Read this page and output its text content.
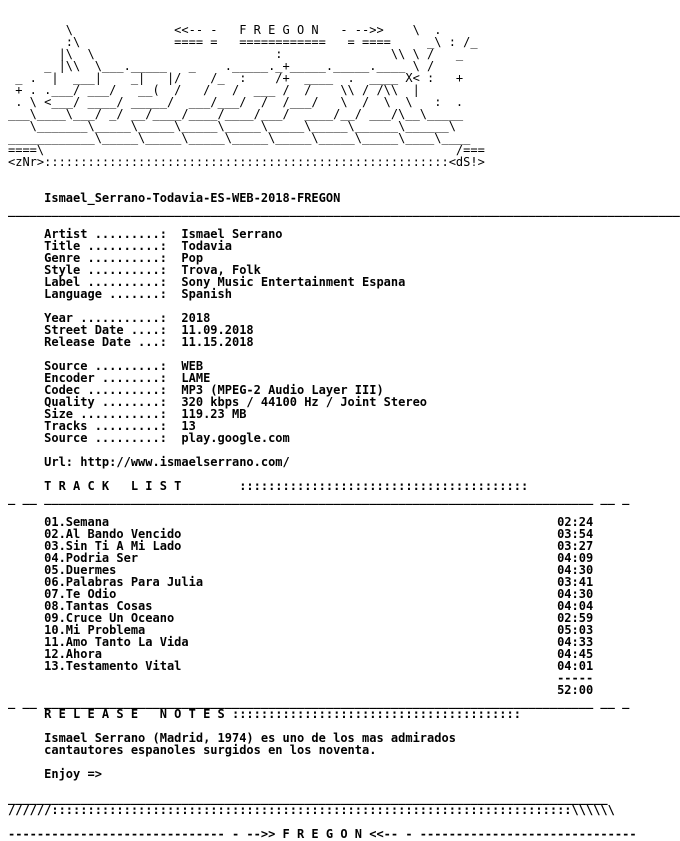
\              <<-- -   F R E G O N   - -->>    \  .
:\             ==== =   ============   = ====     _\ : /_
|\  \                         :               \\ \ /   _
_ |\\  \___._____   _    ._____._+_____._____.____ \ /
_ .  |  ___|    _|   |/    /_  :    /+  ____  .  ____ X< :   +
+ . .___/ ___/   __(  /   /   /  ___ /  /    \\ / /\\  |
. \ <___/ ____/ _____/  ___/___/  /  /___/   \  /  \  \   :  .
___\____\___/ _/ __/____/____/____/___/  ____/__/ ___/\__\_____
\_______\_____\_____\_____\_____\_____\_____\______\______\
____________\_____\_____\_____\_____\_____\_____\_____\____\____
====\                                                         /===
<zNr>::::::::::::::::::::::::::::::::::::::::::::::::::::::::<dS!>
Ismael_Serrano-Todavia-ES-WEB-2018-FREGON
_____________________________________________________________________________________________

Artist .........:  Ismael Serrano
Title ..........:  Todavia
Genre ..........:  Pop
Style ..........:  Trova, Folk
Label ..........:  Sony Music Entertainment Espana
Language .......:  Spanish

Year ...........:  2018
Street Date ....:  11.09.2018
Release Date ...:  11.15.2018

Source .........:  WEB
Encoder ........:  LAME
Codec ..........:  MP3 (MPEG-2 Audio Layer III)
Quality ........:  320 kbps / 44100 Hz / Joint Stereo
Size ...........:  119.23 MB
Tracks .........:  13
Source .........:  play.google.com

Url: http://www.ismaelserrano.com/

T R A C K   L I S T        ::::::::::::::::::::::::::::::::::::::::
_ __ ____________________________________________________________________________ __ _

01.Semana	02:24
02.Al Bando Vencido	03:54
03.Sin Ti A Mi Lado	03:27
04.Podria Ser	04:09
05.Duermes	04:30
06.Palabras Para Julia	03:41
07.Te Odio	04:30
08.Tantas Cosas	04:04
09.Cruce Un Oceano	02:59
10.Mi Problema	05:03
11.Amo Tanto La Vida	04:33
12.Ahora	04:45
13.Testamento Vital	04:01
-----
52:00
_ __ ____________________________________________________________________________ __ _
R E L E A S E   N O T E S ::::::::::::::::::::::::::::::::::::::::

Ismael Serrano (Madrid, 1974) es uno de los mas admirados
cantautores espanoles surgidos en los noventa.

Enjoy =>

___________________________________________________________________________________
//////::::::::::::::::::::::::::::::::::::::::::::::::::::::::::::::::::::::::\\\\\\

------------------------------ - -->> F R E G O N <<-- - ------------------------------
